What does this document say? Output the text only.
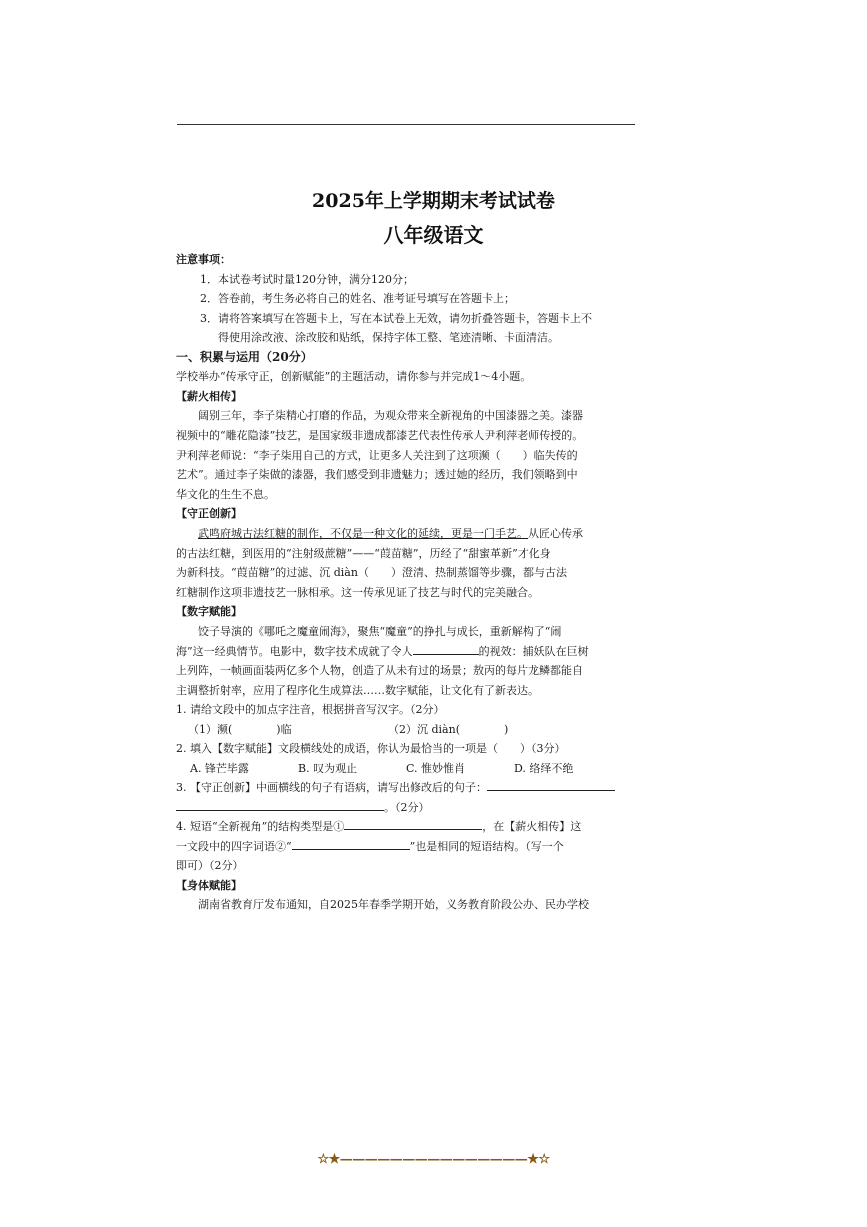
2025年上学期期末考试试卷
八年级语文
注意事项：
1．本试卷考试时量120分钟，满分120分；
2．答卷前，考生务必将自己的姓名、准考证号填写在答题卡上；
3．请将答案填写在答题卡上，写在本试卷上无效，请勿折叠答题卡，答题卡上不
得使用涂改液、涂改胶和贴纸，保持字体工整、笔迹清晰、卡面清洁。
一、积累与运用（20分）
学校举办“传承守正，创新赋能”的主题活动，请你参与并完成1～4小题。
【薪火相传】
阔别三年，李子柒精心打磨的作品，为观众带来全新视角的中国漆器之美。漆器
视频中的“雕花隐漆”技艺，是国家级非遗成都漆艺代表性传承人尹利萍老师传授的。
尹利萍老师说：“李子柒用自己的方式，让更多人关注到了这项濒（　　）临失传的
艺术”。通过李子柒做的漆器，我们感受到非遗魅力；透过她的经历，我们领略到中
华文化的生生不息。
【守正创新】
武鸣府城古法红糖的制作，不仅是一种文化的延续，更是一门手艺。从匠心传承
的古法红糖，到医用的“注射级蔗糖”——“葭苗糖”，历经了“甜蜜革新”才化身
为新科技。“葭苗糖”的过滤、沉 diàn（　　）澄清、热制蒸馏等步骤，都与古法
红糖制作这项非遗技艺一脉相承。这一传承见证了技艺与时代的完美融合。
【数字赋能】
饺子导演的《哪吒之魔童闹海》，聚焦“魔童”的挣扎与成长，重新解构了“闹
海”这一经典情节。电影中，数字技术成就了令人	的视效：捕妖队在巨树
上列阵，一帧画面装两亿多个人物，创造了从未有过的场景；敖丙的每片龙鳞都能自
主调整折射率，应用了程序化生成算法……数字赋能，让文化有了新表达。
1. 请给文段中的加点字注音，根据拼音写汉字。（2分）
（1）濒(　　　　)临	（2）沉 diàn(　　　　)
2. 填入【数字赋能】文段横线处的成语，你认为最恰当的一项是（　　）（3分）
A. 锋芒毕露	B. 叹为观止	C. 惟妙惟肖	D. 络绎不绝
3. 【守正创新】中画横线的句子有语病，请写出修改后的句子：
。（2分）
4. 短语“全新视角”的结构类型是①	，在【薪火相传】这
一文段中的四字词语②“	”也是相同的短语结构。（写一个
即可）（2分）
【身体赋能】
湖南省教育厅发布通知，自2025年春季学期开始，义务教育阶段公办、民办学校
☆★———————————————★☆
